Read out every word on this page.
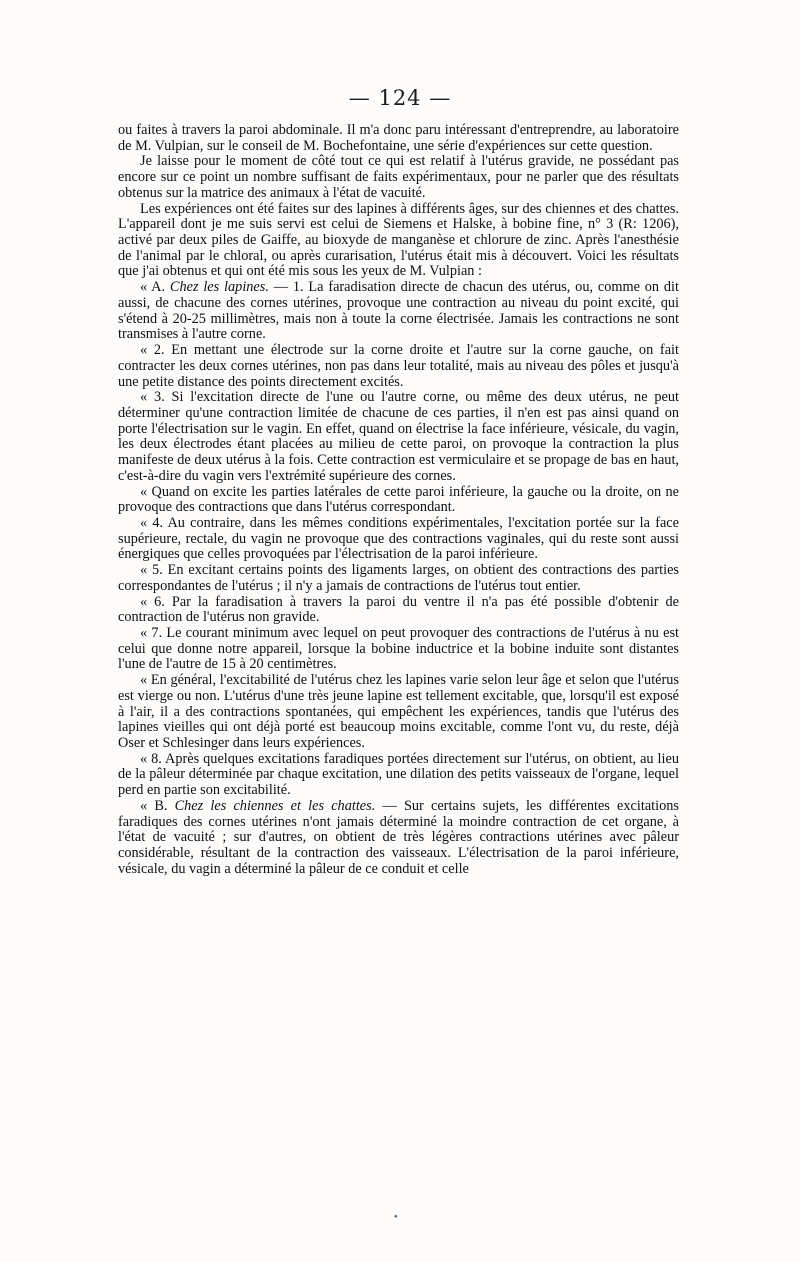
— 124 —

ou faites à travers la paroi abdominale. Il m'a donc paru intéressant d'entreprendre, au laboratoire de M. Vulpian, sur le conseil de M. Bochefontaine, une série d'expériences sur cette question.

Je laisse pour le moment de côté tout ce qui est relatif à l'utérus gravide, ne possédant pas encore sur ce point un nombre suffisant de faits expérimentaux, pour ne parler que des résultats obtenus sur la matrice des animaux à l'état de vacuité.

Les expériences ont été faites sur des lapines à différents âges, sur des chiennes et des chattes. L'appareil dont je me suis servi est celui de Siemens et Halske, à bobine fine, n° 3 (R: 1206), activé par deux piles de Gaiffe, au bioxyde de manganèse et chlorure de zinc. Après l'anesthésie de l'animal par le chloral, ou après curarisation, l'utérus était mis à découvert. Voici les résultats que j'ai obtenus et qui ont été mis sous les yeux de M. Vulpian :

« A. Chez les lapines. — 1. La faradisation directe de chacun des utérus, ou, comme on dit aussi, de chacune des cornes utérines, provoque une contraction au niveau du point excité, qui s'étend à 20-25 millimètres, mais non à toute la corne électrisée. Jamais les contractions ne sont transmises à l'autre corne.

« 2. En mettant une électrode sur la corne droite et l'autre sur la corne gauche, on fait contracter les deux cornes utérines, non pas dans leur totalité, mais au niveau des pôles et jusqu'à une petite distance des points directement excités.

« 3. Si l'excitation directe de l'une ou l'autre corne, ou même des deux utérus, ne peut déterminer qu'une contraction limitée de chacune de ces parties, il n'en est pas ainsi quand on porte l'électrisation sur le vagin. En effet, quand on électrise la face inférieure, vésicale, du vagin, les deux électrodes étant placées au milieu de cette paroi, on provoque la contraction la plus manifeste de deux utérus à la fois. Cette contraction est vermiculaire et se propage de bas en haut, c'est-à-dire du vagin vers l'extrémité supérieure des cornes.

« Quand on excite les parties latérales de cette paroi inférieure, la gauche ou la droite, on ne provoque des contractions que dans l'utérus correspondant.

« 4. Au contraire, dans les mêmes conditions expérimentales, l'excitation portée sur la face supérieure, rectale, du vagin ne provoque que des contractions vaginales, qui du reste sont aussi énergiques que celles provoquées par l'électrisation de la paroi inférieure.

« 5. En excitant certains points des ligaments larges, on obtient des contractions des parties correspondantes de l'utérus ; il n'y a jamais de contractions de l'utérus tout entier.

« 6. Par la faradisation à travers la paroi du ventre il n'a pas été possible d'obtenir de contraction de l'utérus non gravide.

« 7. Le courant minimum avec lequel on peut provoquer des contractions de l'utérus à nu est celui que donne notre appareil, lorsque la bobine inductrice et la bobine induite sont distantes l'une de l'autre de 15 à 20 centimètres.

« En général, l'excitabilité de l'utérus chez les lapines varie selon leur âge et selon que l'utérus est vierge ou non. L'utérus d'une très jeune lapine est tellement excitable, que, lorsqu'il est exposé à l'air, il a des contractions spontanées, qui empêchent les expériences, tandis que l'utérus des lapines vieilles qui ont déjà porté est beaucoup moins excitable, comme l'ont vu, du reste, déjà Oser et Schlesinger dans leurs expériences.

« 8. Après quelques excitations faradiques portées directement sur l'utérus, on obtient, au lieu de la pâleur déterminée par chaque excitation, une dilation des petits vaisseaux de l'organe, lequel perd en partie son excitabilité.

« B. Chez les chiennes et les chattes. — Sur certains sujets, les différentes excitations faradiques des cornes utérines n'ont jamais déterminé la moindre contraction de cet organe, à l'état de vacuité ; sur d'autres, on obtient de très légères contractions utérines avec pâleur considérable, résultant de la contraction des vaisseaux. L'électrisation de la paroi inférieure, vésicale, du vagin a déterminé la pâleur de ce conduit et celle

•
